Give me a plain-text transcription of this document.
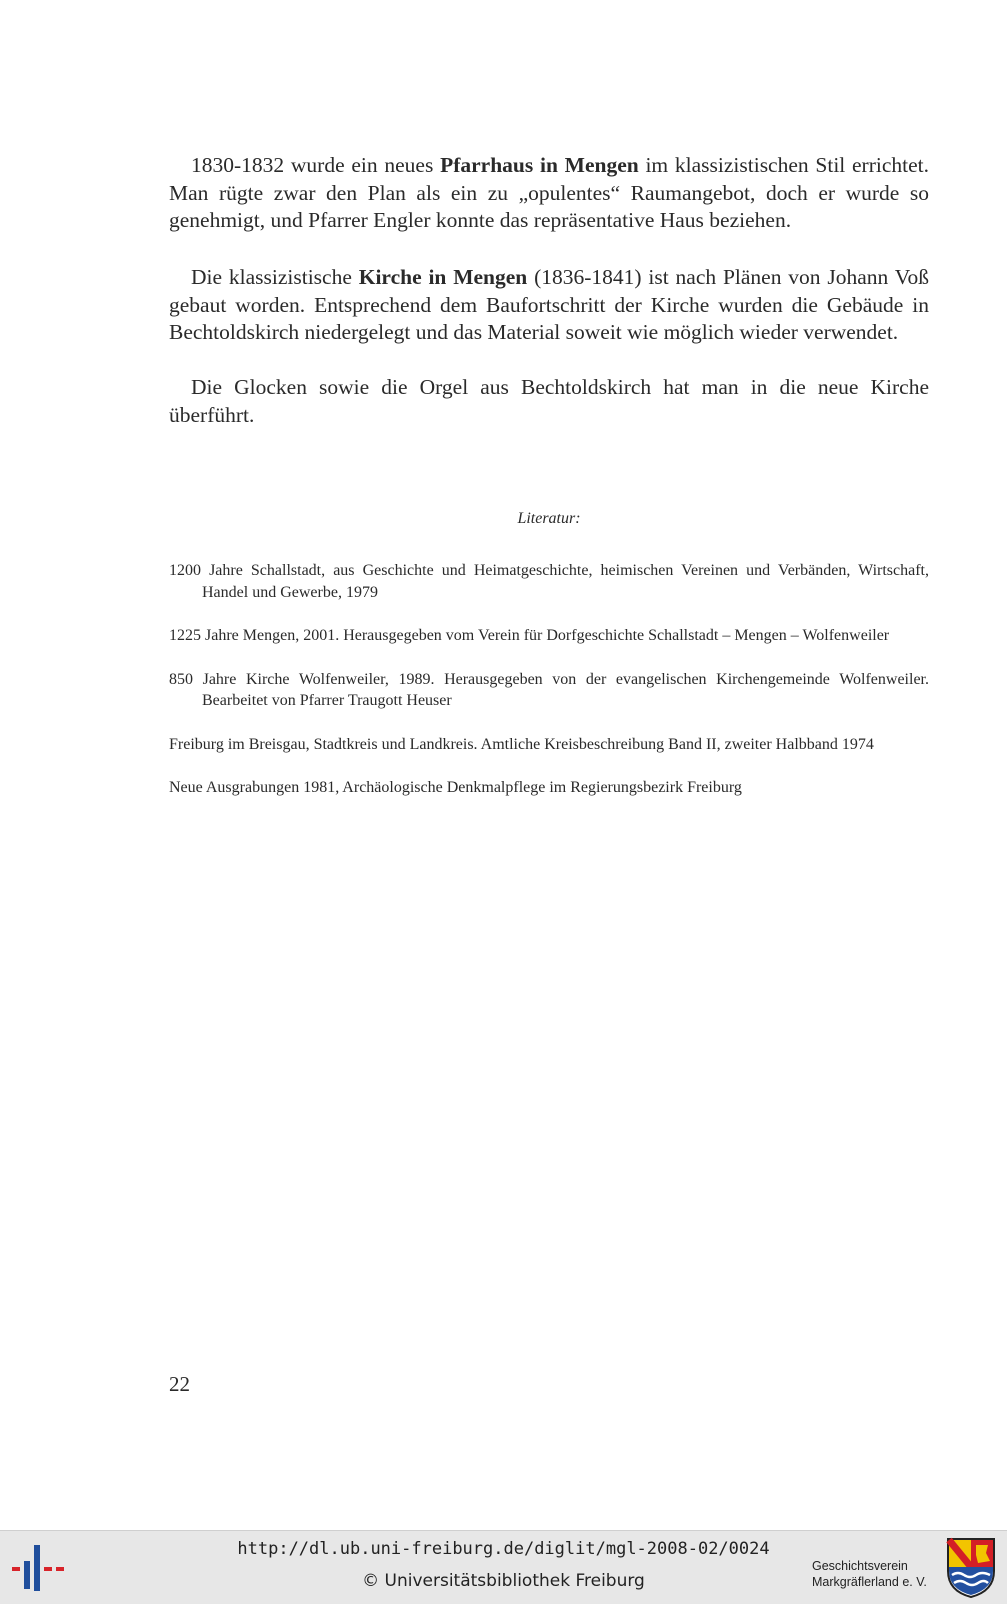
1830-1832 wurde ein neues Pfarrhaus in Mengen im klassizistischen Stil errichtet. Man rügte zwar den Plan als ein zu „opulentes“ Raumangebot, doch er wurde so genehmigt, und Pfarrer Engler konnte das repräsentative Haus beziehen.

Die klassizistische Kirche in Mengen (1836-1841) ist nach Plänen von Johann Voß gebaut worden. Entsprechend dem Baufortschritt der Kirche wurden die Gebäude in Bechtoldskirch niedergelegt und das Material soweit wie möglich wieder verwendet.

Die Glocken sowie die Orgel aus Bechtoldskirch hat man in die neue Kirche überführt.

Literatur:
1200 Jahre Schallstadt, aus Geschichte und Heimatgeschichte, heimischen Vereinen und Verbänden, Wirtschaft, Handel und Gewerbe, 1979
1225 Jahre Mengen, 2001. Herausgegeben vom Verein für Dorfgeschichte Schallstadt – Mengen – Wolfenweiler
850 Jahre Kirche Wolfenweiler, 1989. Herausgegeben von der evangelischen Kirchengemeinde Wolfenweiler. Bearbeitet von Pfarrer Traugott Heuser
Freiburg im Breisgau, Stadtkreis und Landkreis. Amtliche Kreisbeschreibung Band II, zweiter Halbband 1974
Neue Ausgrabungen 1981, Archäologische Denkmalpflege im Regierungsbezirk Freiburg
22
http://dl.ub.uni-freiburg.de/diglit/mgl-2008-02/0024
© Universitätsbibliothek Freiburg
Geschichtsverein
Markgräflerland e. V.
